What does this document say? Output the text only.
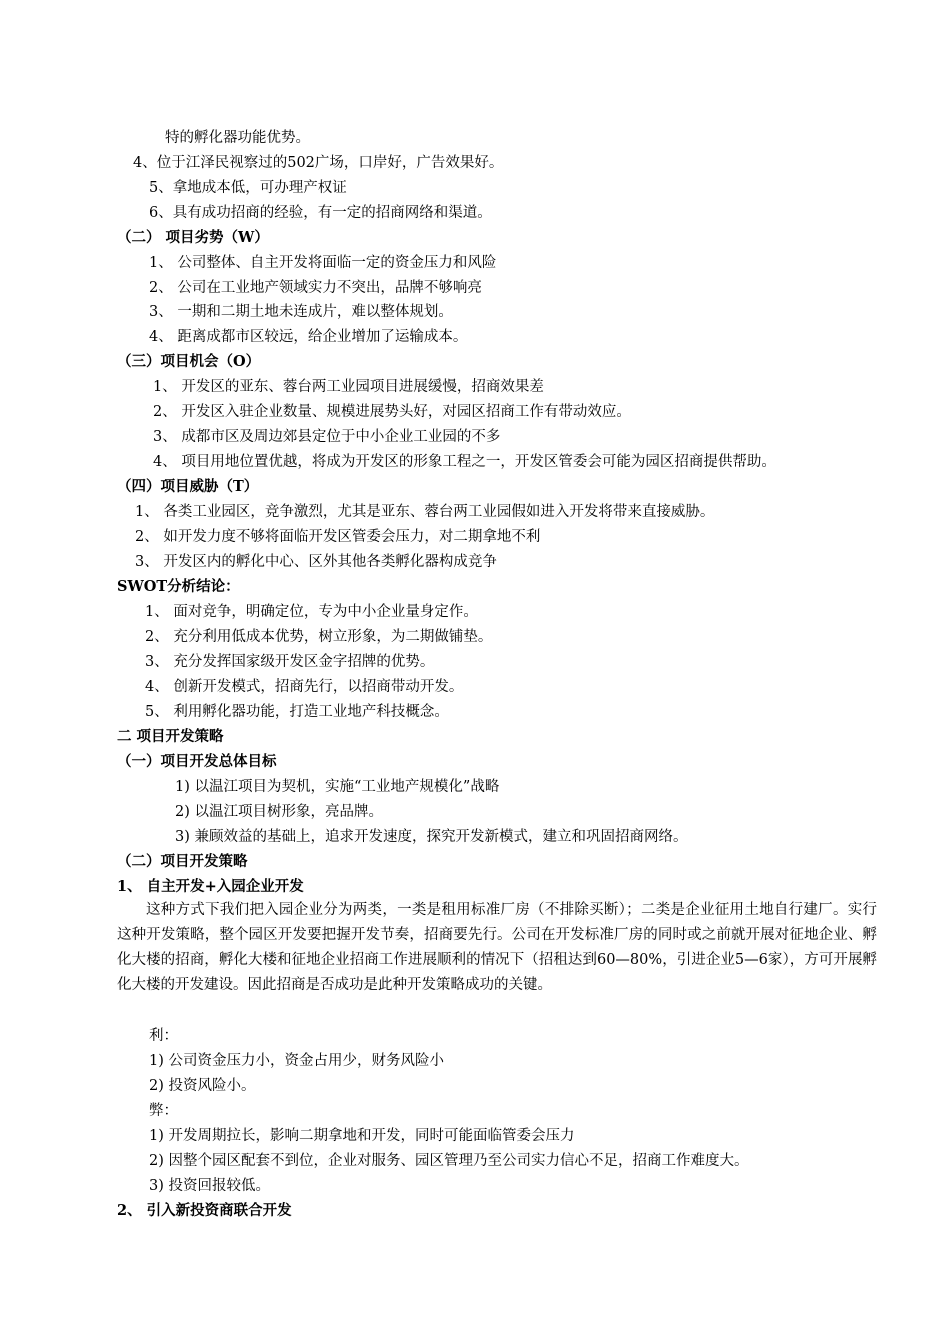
特的孵化器功能优势。
4、位于江泽民视察过的502广场，口岸好，广告效果好。
5、拿地成本低，可办理产权证
6、具有成功招商的经验，有一定的招商网络和渠道。
（二） 项目劣势（W）
1、 公司整体、自主开发将面临一定的资金压力和风险
2、 公司在工业地产领域实力不突出，品牌不够响亮
3、 一期和二期土地未连成片，难以整体规划。
4、 距离成都市区较远，给企业增加了运输成本。
（三）项目机会（O）
1、 开发区的亚东、蓉台两工业园项目进展缓慢，招商效果差
2、 开发区入驻企业数量、规模进展势头好，对园区招商工作有带动效应。
3、 成都市区及周边郊县定位于中小企业工业园的不多
4、 项目用地位置优越，将成为开发区的形象工程之一，开发区管委会可能为园区招商提供帮助。
（四）项目威胁（T）
1、 各类工业园区，竞争激烈，尤其是亚东、蓉台两工业园假如进入开发将带来直接威胁。
2、 如开发力度不够将面临开发区管委会压力，对二期拿地不利
3、 开发区内的孵化中心、区外其他各类孵化器构成竞争
SWOT分析结论：
1、 面对竞争，明确定位，专为中小企业量身定作。
2、 充分利用低成本优势，树立形象，为二期做铺垫。
3、 充分发挥国家级开发区金字招牌的优势。
4、 创新开发模式，招商先行，以招商带动开发。
5、 利用孵化器功能，打造工业地产科技概念。
二 项目开发策略
（一）项目开发总体目标
1) 以温江项目为契机，实施“工业地产规模化”战略
2) 以温江项目树形象，亮品牌。
3) 兼顾效益的基础上，追求开发速度，探究开发新模式，建立和巩固招商网络。
（二）项目开发策略
1、 自主开发+入园企业开发
这种方式下我们把入园企业分为两类，一类是租用标准厂房（不排除买断）；二类是企业征用土地自行建厂。实行这种开发策略，整个园区开发要把握开发节奏，招商要先行。公司在开发标准厂房的同时或之前就开展对征地企业、孵化大楼的招商，孵化大楼和征地企业招商工作进展顺利的情况下（招租达到60—80%，引进企业5—6家），方可开展孵化大楼的开发建设。因此招商是否成功是此种开发策略成功的关键。
利：
1) 公司资金压力小，资金占用少，财务风险小
2) 投资风险小。
弊：
1) 开发周期拉长，影响二期拿地和开发，同时可能面临管委会压力
2) 因整个园区配套不到位，企业对服务、园区管理乃至公司实力信心不足，招商工作难度大。
3) 投资回报较低。
2、 引入新投资商联合开发
